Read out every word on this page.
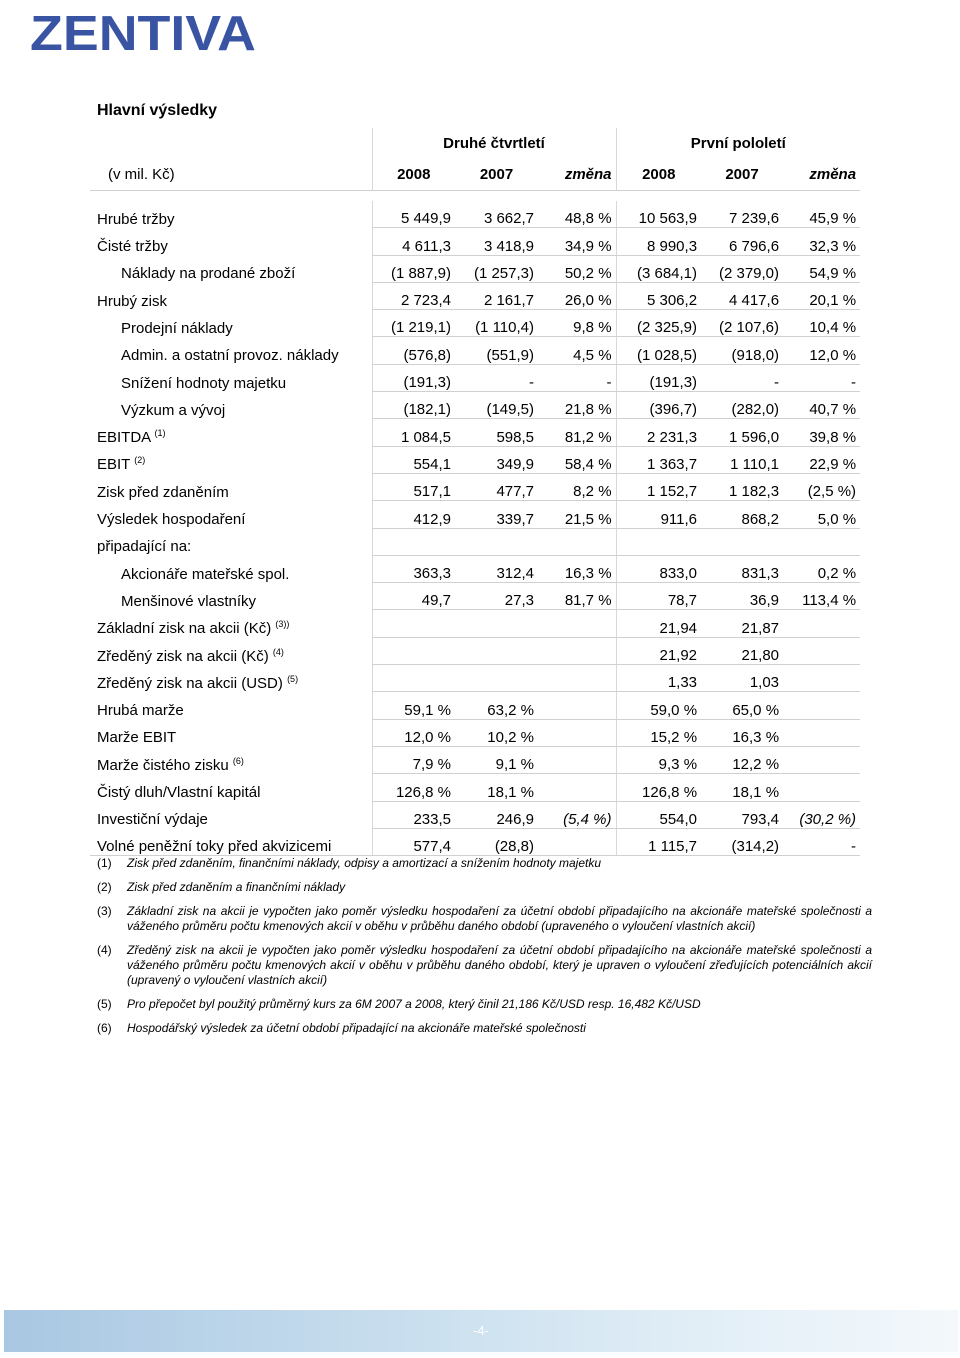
ZENTIVA
Hlavní výsledky
	Druhé čtvrtletí			První pololetí		
(v mil. Kč)	2008	2007	změna	2008	2007	změna

Hrubé tržby	5 449,9	3 662,7	48,8 %	10 563,9	7 239,6	45,9 %
Čisté tržby	4 611,3	3 418,9	34,9 %	8 990,3	6 796,6	32,3 %
Náklady na prodané zboží	(1 887,9)	(1 257,3)	50,2 %	(3 684,1)	(2 379,0)	54,9 %
Hrubý zisk	2 723,4	2 161,7	26,0 %	5 306,2	4 417,6	20,1 %
Prodejní náklady	(1 219,1)	(1 110,4)	9,8 %	(2 325,9)	(2 107,6)	10,4 %
Admin. a ostatní provoz. náklady	(576,8)	(551,9)	4,5 %	(1 028,5)	(918,0)	12,0 %
Snížení hodnoty majetku	(191,3)	-	-	(191,3)	-	-
Výzkum a vývoj	(182,1)	(149,5)	21,8 %	(396,7)	(282,0)	40,7 %
EBITDA $^{(1)}$	1 084,5	598,5	81,2 %	2 231,3	1 596,0	39,8 %
EBIT $^{(2)}$	554,1	349,9	58,4 %	1 363,7	1 110,1	22,9 %
Zisk před zdaněním	517,1	477,7	8,2 %	1 152,7	1 182,3	(2,5 %)
Výsledek hospodaření	412,9	339,7	21,5 %	911,6	868,2	5,0 %
připadající na:						
Akcionáře mateřské spol.	363,3	312,4	16,3 %	833,0	831,3	0,2 %
Menšinové vlastníky	49,7	27,3	81,7 %	78,7	36,9	113,4 %
Základní zisk na akcii (Kč) $^{(3))}$				21,94	21,87	
Zředěný zisk na akcii (Kč) $^{(4)}$				21,92	21,80	
Zředěný zisk na akcii (USD) $^{(5)}$				1,33	1,03	
Hrubá marže	59,1 %	63,2 %		59,0 %	65,0 %	
Marže EBIT	12,0 %	10,2 %		15,2 %	16,3 %	
Marže čistého zisku $^{(6)}$	7,9 %	9,1 %		9,3 %	12,2 %	
Čistý dluh/Vlastní kapitál	126,8 %	18,1 %		126,8 %	18,1 %	
Investiční výdaje	233,5	246,9	(5,4 %)	554,0	793,4	(30,2 %)
Volné peněžní toky před akvizicemi	577,4	(28,8)		1 115,7	(314,2)	-
(1)	Zisk před zdaněním, finančními náklady, odpisy a amortizací a snížením hodnoty majetku
(2)	Zisk před zdaněním a finančními náklady
(3)	Základní zisk na akcii je vypočten jako poměr výsledku hospodaření za účetní období připadajícího na akcionáře mateřské společnosti a váženého průměru počtu kmenových akcií v oběhu v průběhu daného období (upraveného o vyloučení vlastních akcií)
(4)	Zředěný zisk na akcii je vypočten jako poměr výsledku hospodaření za účetní období připadajícího na akcionáře mateřské společnosti a váženého průměru počtu kmenových akcií v oběhu v průběhu daného období, který je upraven o vyloučení zřeďujících potenciálních akcií (upravený o vyloučení vlastních akcií)
(5)	Pro přepočet byl použitý průměrný kurs za 6M 2007 a 2008, který činil 21,186 Kč/USD resp. 16,482 Kč/USD
(6)	Hospodářský výsledek za účetní období připadající na akcionáře mateřské společnosti
-4-
